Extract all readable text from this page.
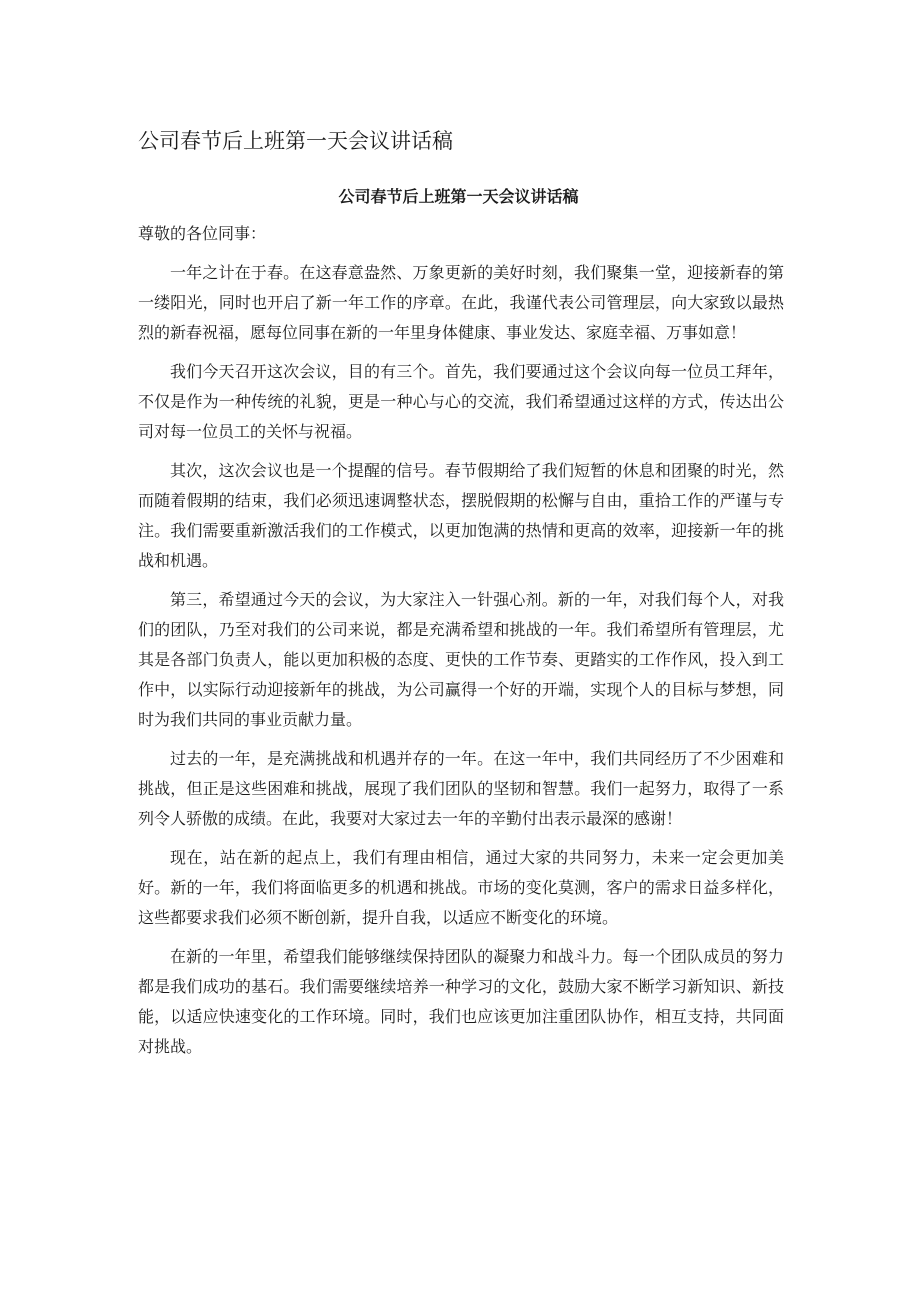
公司春节后上班第一天会议讲话稿
公司春节后上班第一天会议讲话稿

尊敬的各位同事：

一年之计在于春。在这春意盎然、万象更新的美好时刻，我们聚集一堂，迎接新春的第一缕阳光，同时也开启了新一年工作的序章。在此，我谨代表公司管理层，向大家致以最热烈的新春祝福，愿每位同事在新的一年里身体健康、事业发达、家庭幸福、万事如意！

我们今天召开这次会议，目的有三个。首先，我们要通过这个会议向每一位员工拜年，不仅是作为一种传统的礼貌，更是一种心与心的交流，我们希望通过这样的方式，传达出公司对每一位员工的关怀与祝福。

其次，这次会议也是一个提醒的信号。春节假期给了我们短暂的休息和团聚的时光，然而随着假期的结束，我们必须迅速调整状态，摆脱假期的松懈与自由，重拾工作的严谨与专注。我们需要重新激活我们的工作模式，以更加饱满的热情和更高的效率，迎接新一年的挑战和机遇。

第三，希望通过今天的会议，为大家注入一针强心剂。新的一年，对我们每个人，对我们的团队，乃至对我们的公司来说，都是充满希望和挑战的一年。我们希望所有管理层，尤其是各部门负责人，能以更加积极的态度、更快的工作节奏、更踏实的工作作风，投入到工作中，以实际行动迎接新年的挑战，为公司赢得一个好的开端，实现个人的目标与梦想，同时为我们共同的事业贡献力量。

过去的一年，是充满挑战和机遇并存的一年。在这一年中，我们共同经历了不少困难和挑战，但正是这些困难和挑战，展现了我们团队的坚韧和智慧。我们一起努力，取得了一系列令人骄傲的成绩。在此，我要对大家过去一年的辛勤付出表示最深的感谢！

现在，站在新的起点上，我们有理由相信，通过大家的共同努力，未来一定会更加美好。新的一年，我们将面临更多的机遇和挑战。市场的变化莫测，客户的需求日益多样化，这些都要求我们必须不断创新，提升自我，以适应不断变化的环境。

在新的一年里，希望我们能够继续保持团队的凝聚力和战斗力。每一个团队成员的努力都是我们成功的基石。我们需要继续培养一种学习的文化，鼓励大家不断学习新知识、新技能，以适应快速变化的工作环境。同时，我们也应该更加注重团队协作，相互支持，共同面对挑战。
